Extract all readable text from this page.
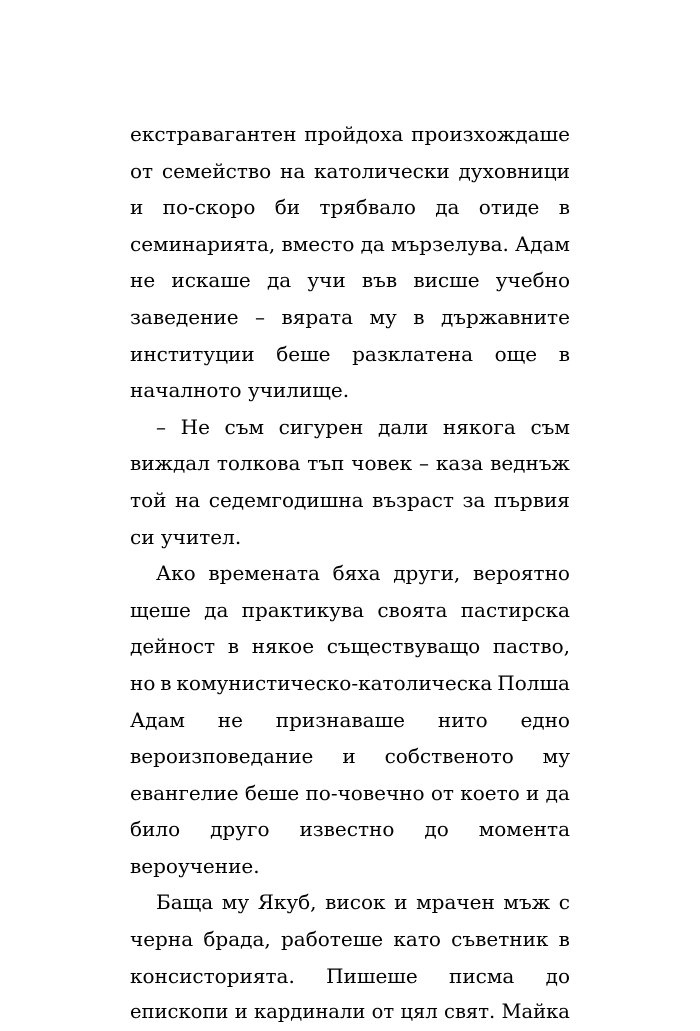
екстравагантен пройдоха произхождаше
от семейство на католически духовници
и по-скоро би трябвало да отиде в
семинарията, вместо да мързелува. Адам
не искаше да учи във висше учебно
заведение – вярата му в държавните
институции беше разклатена още в
началното училище.
– Не съм сигурен дали някога съм
виждал толкова тъп човек – каза веднъж
той на седемгодишна възраст за първия
си учител.
Ако времената бяха други, вероятно
щеше да практикува своята пастирска
дейност в някое съществуващо паство,
но в комунистическо-католическа Полша
Адам не признаваше нито едно
вероизповедание и собственото му
евангелие беше по-човечно от което и да
било друго известно до момента
вероучение.
Баща му Якуб, висок и мрачен мъж с
черна брада, работеше като съветник в
консисторията. Пишеше писма до
епископи и кардинали от цял свят. Майка
